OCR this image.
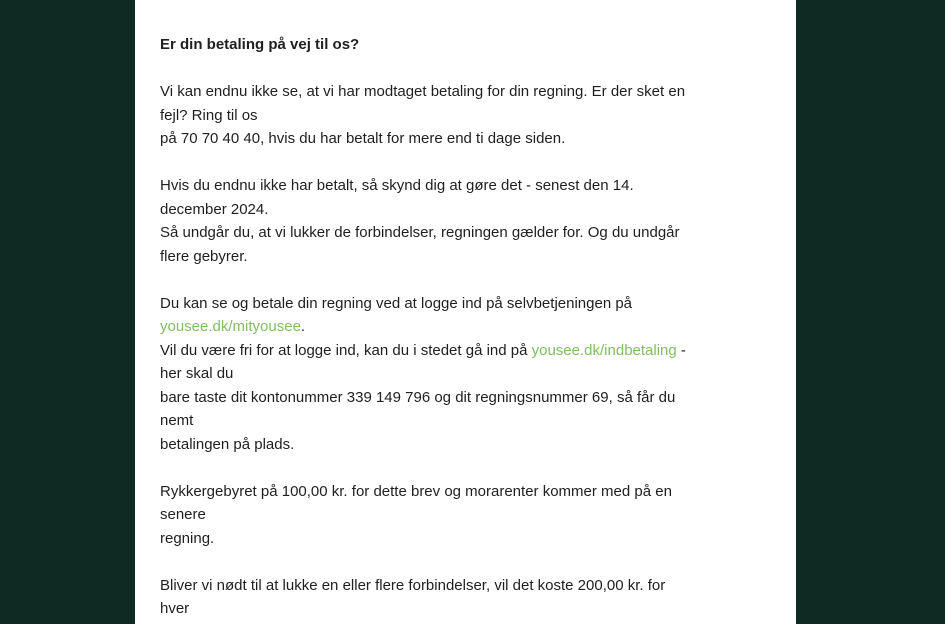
Er din betaling på vej til os?

Vi kan endnu ikke se, at vi har modtaget betaling for din regning. Er der sket en
fejl? Ring til os
på 70 70 40 40, hvis du har betalt for mere end ti dage siden.

Hvis du endnu ikke har betalt, så skynd dig at gøre det - senest den 14.
december 2024.
Så undgår du, at vi lukker de forbindelser, regningen gælder for. Og du undgår
flere gebyrer.

Du kan se og betale din regning ved at logge ind på selvbetjeningen på
yousee.dk/mityousee.
Vil du være fri for at logge ind, kan du i stedet gå ind på yousee.dk/indbetaling -
her skal du
bare taste dit kontonummer 339 149 796 og dit regningsnummer 69, så får du
nemt
betalingen på plads.

Rykkergebyret på 100,00 kr. for dette brev og morarenter kommer med på en
senere
regning.

Bliver vi nødt til at lukke en eller flere forbindelser, vil det koste 200,00 kr. for
hver
